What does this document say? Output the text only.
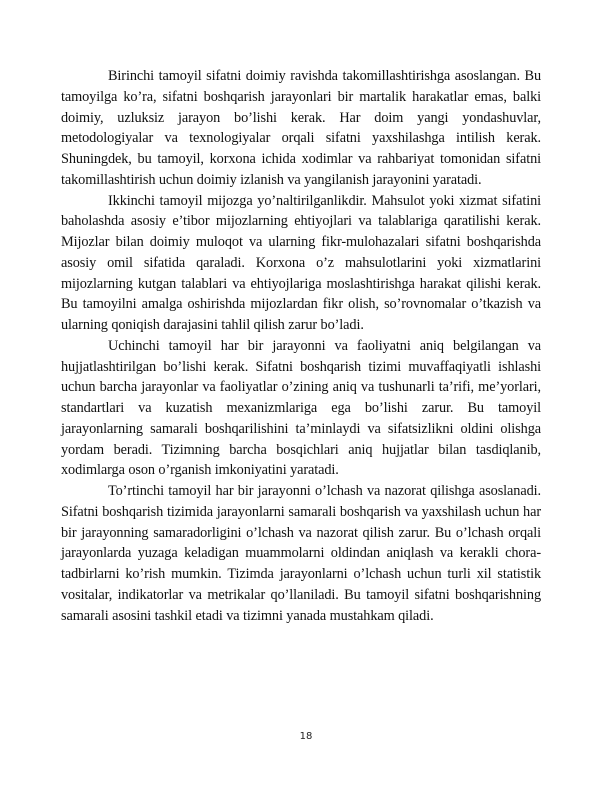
Birinchi tamoyil sifatni doimiy ravishda takomillashtirishga asoslangan. Bu tamoyilga ko’ra, sifatni boshqarish jarayonlari bir martalik harakatlar emas, balki doimiy, uzluksiz jarayon bo’lishi kerak. Har doim yangi yondashuvlar, metodologiyalar va texnologiyalar orqali sifatni yaxshilashga intilish kerak. Shuningdek, bu tamoyil, korxona ichida xodimlar va rahbariyat tomonidan sifatni takomillashtirish uchun doimiy izlanish va yangilanish jarayonini yaratadi.

Ikkinchi tamoyil mijozga yo’naltirilganlikdir. Mahsulot yoki xizmat sifatini baholashda asosiy e’tibor mijozlarning ehtiyojlari va talablariga qaratilishi kerak. Mijozlar bilan doimiy muloqot va ularning fikr-mulohazalari sifatni boshqarishda asosiy omil sifatida qaraladi. Korxona o’z mahsulotlarini yoki xizmatlarini mijozlarning kutgan talablari va ehtiyojlariga moslashtirishga harakat qilishi kerak. Bu tamoyilni amalga oshirishda mijozlardan fikr olish, so’rovnomalar o’tkazish va ularning qoniqish darajasini tahlil qilish zarur bo’ladi.

Uchinchi tamoyil har bir jarayonni va faoliyatni aniq belgilangan va hujjatlashtirilgan bo’lishi kerak. Sifatni boshqarish tizimi muvaffaqiyatli ishlashi uchun barcha jarayonlar va faoliyatlar o’zining aniq va tushunarli ta’rifi, me’yorlari, standartlari va kuzatish mexanizmlariga ega bo’lishi zarur. Bu tamoyil jarayonlarning samarali boshqarilishini ta’minlaydi va sifatsizlikni oldini olishga yordam beradi. Tizimning barcha bosqichlari aniq hujjatlar bilan tasdiqlanib, xodimlarga oson o’rganish imkoniyatini yaratadi.

To’rtinchi tamoyil har bir jarayonni o’lchash va nazorat qilishga asoslanadi. Sifatni boshqarish tizimida jarayonlarni samarali boshqarish va yaxshilash uchun har bir jarayonning samaradorligini o’lchash va nazorat qilish zarur. Bu o’lchash orqali jarayonlarda yuzaga keladigan muammolarni oldindan aniqlash va kerakli chora-tadbirlarni ko’rish mumkin. Tizimda jarayonlarni o’lchash uchun turli xil statistik vositalar, indikatorlar va metrikalar qo’llaniladi. Bu tamoyil sifatni boshqarishning samarali asosini tashkil etadi va tizimni yanada mustahkam qiladi.

18
